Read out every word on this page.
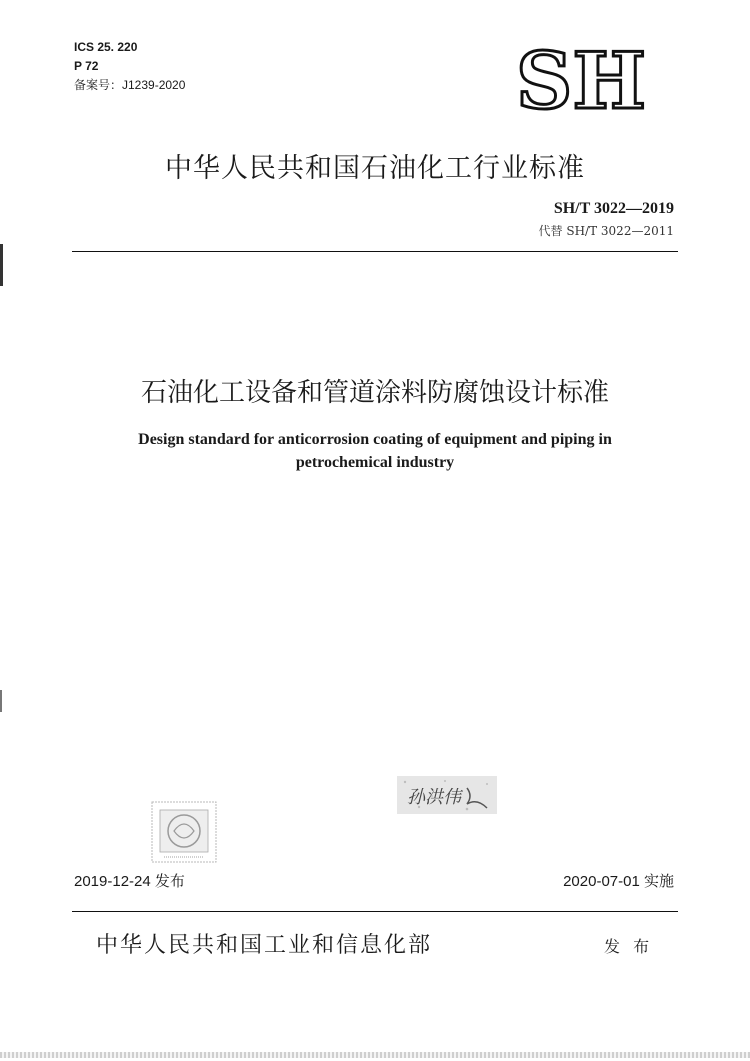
ICS 25. 220
P 72
备案号：J1239-2020	SH
中华人民共和国石油化工行业标准
SH/T 3022—2019
代替 SH/T 3022—2011
石油化工设备和管道涂料防腐蚀设计标准
Design standard for anticorrosion coating of equipment and piping in
petrochemical industry
孙洪伟
2019-12-24 发布	2020-07-01 实施
中华人民共和国工业和信息化部	发 布
